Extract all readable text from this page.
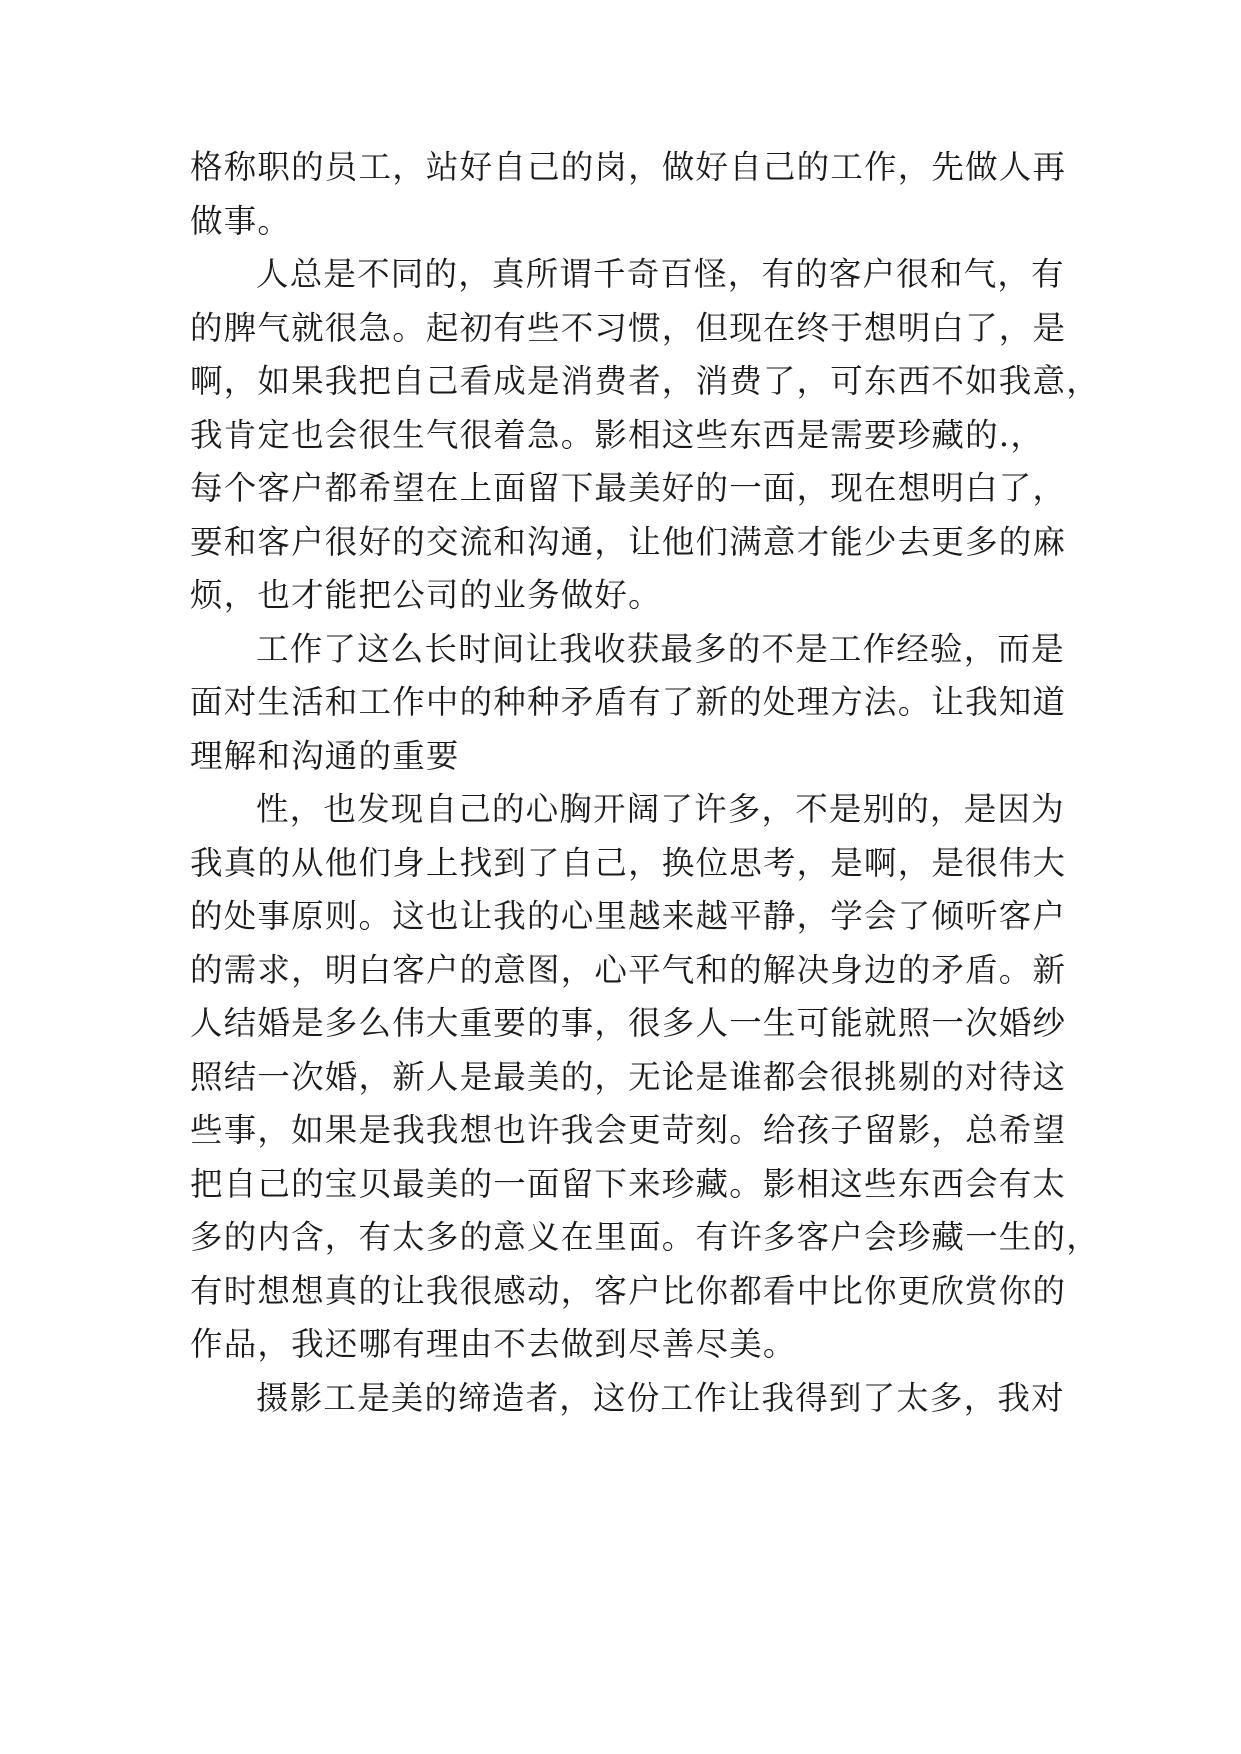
格称职的员工，站好自己的岗，做好自己的工作，先做人再
做事。
人总是不同的，真所谓千奇百怪，有的客户很和气，有
的脾气就很急。起初有些不习惯，但现在终于想明白了，是
啊，如果我把自己看成是消费者，消费了，可东西不如我意，
我肯定也会很生气很着急。影相这些东西是需要珍藏的.，
每个客户都希望在上面留下最美好的一面，现在想明白了，
要和客户很好的交流和沟通，让他们满意才能少去更多的麻
烦，也才能把公司的业务做好。
工作了这么长时间让我收获最多的不是工作经验，而是
面对生活和工作中的种种矛盾有了新的处理方法。让我知道
理解和沟通的重要
性，也发现自己的心胸开阔了许多，不是别的，是因为
我真的从他们身上找到了自己，换位思考，是啊，是很伟大
的处事原则。这也让我的心里越来越平静，学会了倾听客户
的需求，明白客户的意图，心平气和的解决身边的矛盾。新
人结婚是多么伟大重要的事，很多人一生可能就照一次婚纱
照结一次婚，新人是最美的，无论是谁都会很挑剔的对待这
些事，如果是我我想也许我会更苛刻。给孩子留影，总希望
把自己的宝贝最美的一面留下来珍藏。影相这些东西会有太
多的内含，有太多的意义在里面。有许多客户会珍藏一生的，
有时想想真的让我很感动，客户比你都看中比你更欣赏你的
作品，我还哪有理由不去做到尽善尽美。
摄影工是美的缔造者，这份工作让我得到了太多，我对
